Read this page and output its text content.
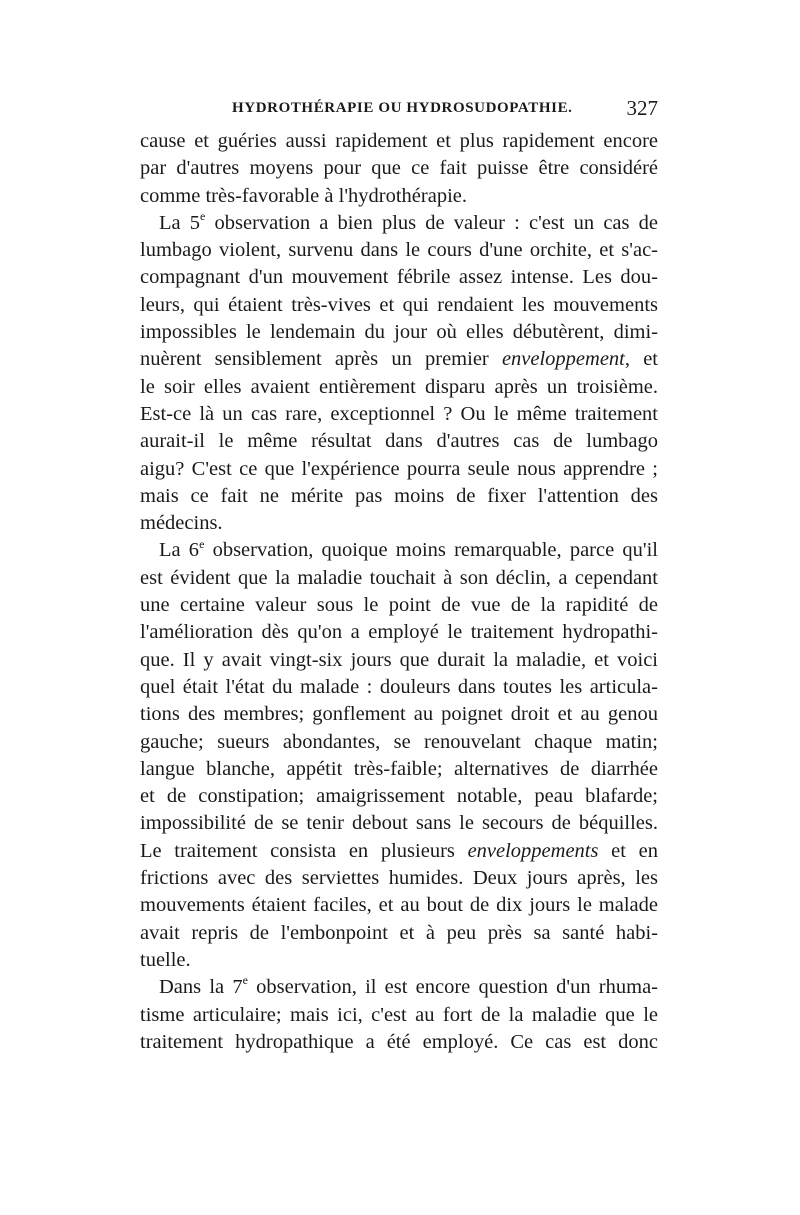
HYDROTHÉRAPIE OU HYDROSUDOPATHIE.	327
cause et guéries aussi rapidement et plus rapidement encore
par d'autres moyens pour que ce fait puisse être considéré
comme très-favorable à l'hydrothérapie.
La 5e observation a bien plus de valeur : c'est un cas de
lumbago violent, survenu dans le cours d'une orchite, et s'ac-
compagnant d'un mouvement fébrile assez intense. Les dou-
leurs, qui étaient très-vives et qui rendaient les mouvements
impossibles le lendemain du jour où elles débutèrent, dimi-
nuèrent sensiblement après un premier enveloppement, et
le soir elles avaient entièrement disparu après un troisième.
Est-ce là un cas rare, exceptionnel ? Ou le même traitement
aurait-il le même résultat dans d'autres cas de lumbago
aigu? C'est ce que l'expérience pourra seule nous apprendre ;
mais ce fait ne mérite pas moins de fixer l'attention des
médecins.
La 6e observation, quoique moins remarquable, parce qu'il
est évident que la maladie touchait à son déclin, a cependant
une certaine valeur sous le point de vue de la rapidité de
l'amélioration dès qu'on a employé le traitement hydropathi-
que. Il y avait vingt-six jours que durait la maladie, et voici
quel était l'état du malade : douleurs dans toutes les articula-
tions des membres; gonflement au poignet droit et au genou
gauche; sueurs abondantes, se renouvelant chaque matin;
langue blanche, appétit très-faible; alternatives de diarrhée
et de constipation; amaigrissement notable, peau blafarde;
impossibilité de se tenir debout sans le secours de béquilles.
Le traitement consista en plusieurs enveloppements et en
frictions avec des serviettes humides. Deux jours après, les
mouvements étaient faciles, et au bout de dix jours le malade
avait repris de l'embonpoint et à peu près sa santé habi-
tuelle.
Dans la 7e observation, il est encore question d'un rhuma-
tisme articulaire; mais ici, c'est au fort de la maladie que le
traitement hydropathique a été employé. Ce cas est donc
